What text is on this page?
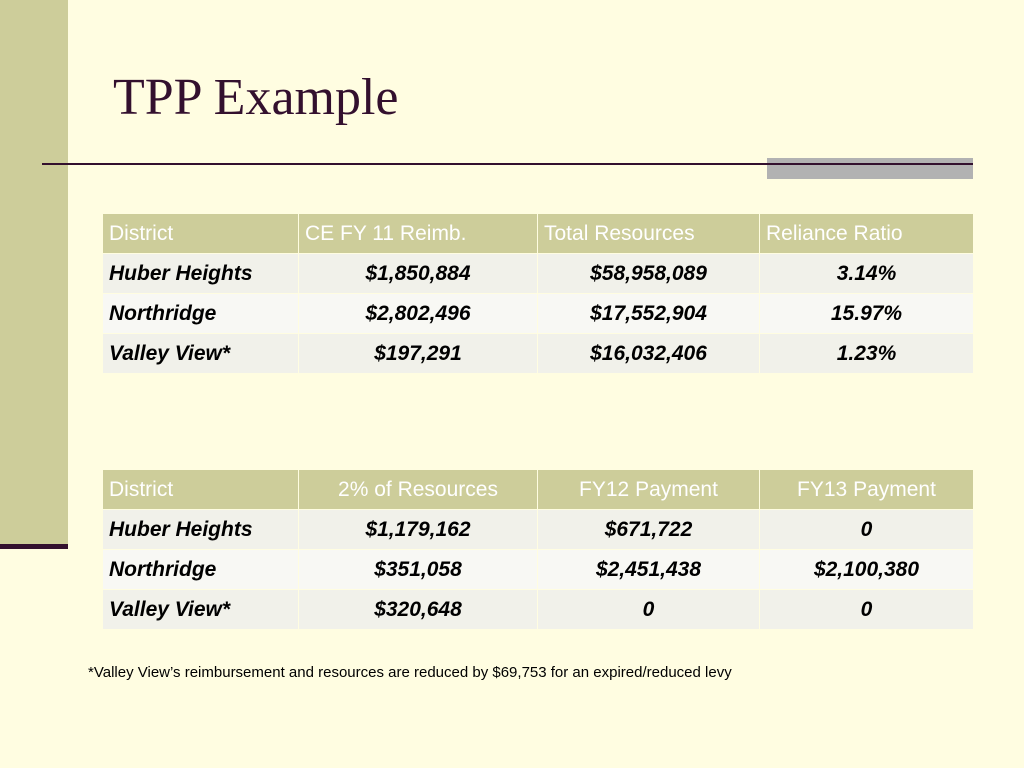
TPP Example
District	CE FY 11 Reimb.	Total Resources	Reliance Ratio
Huber Heights	$1,850,884	$58,958,089	3.14%
Northridge	$2,802,496	$17,552,904	15.97%
Valley View*	$197,291	$16,032,406	1.23%
District	2% of Resources	FY12 Payment	FY13 Payment
Huber Heights	$1,179,162	$671,722	0
Northridge	$351,058	$2,451,438	$2,100,380
Valley View*	$320,648	0	0
*Valley View’s reimbursement and resources are reduced by $69,753 for an expired/reduced levy
